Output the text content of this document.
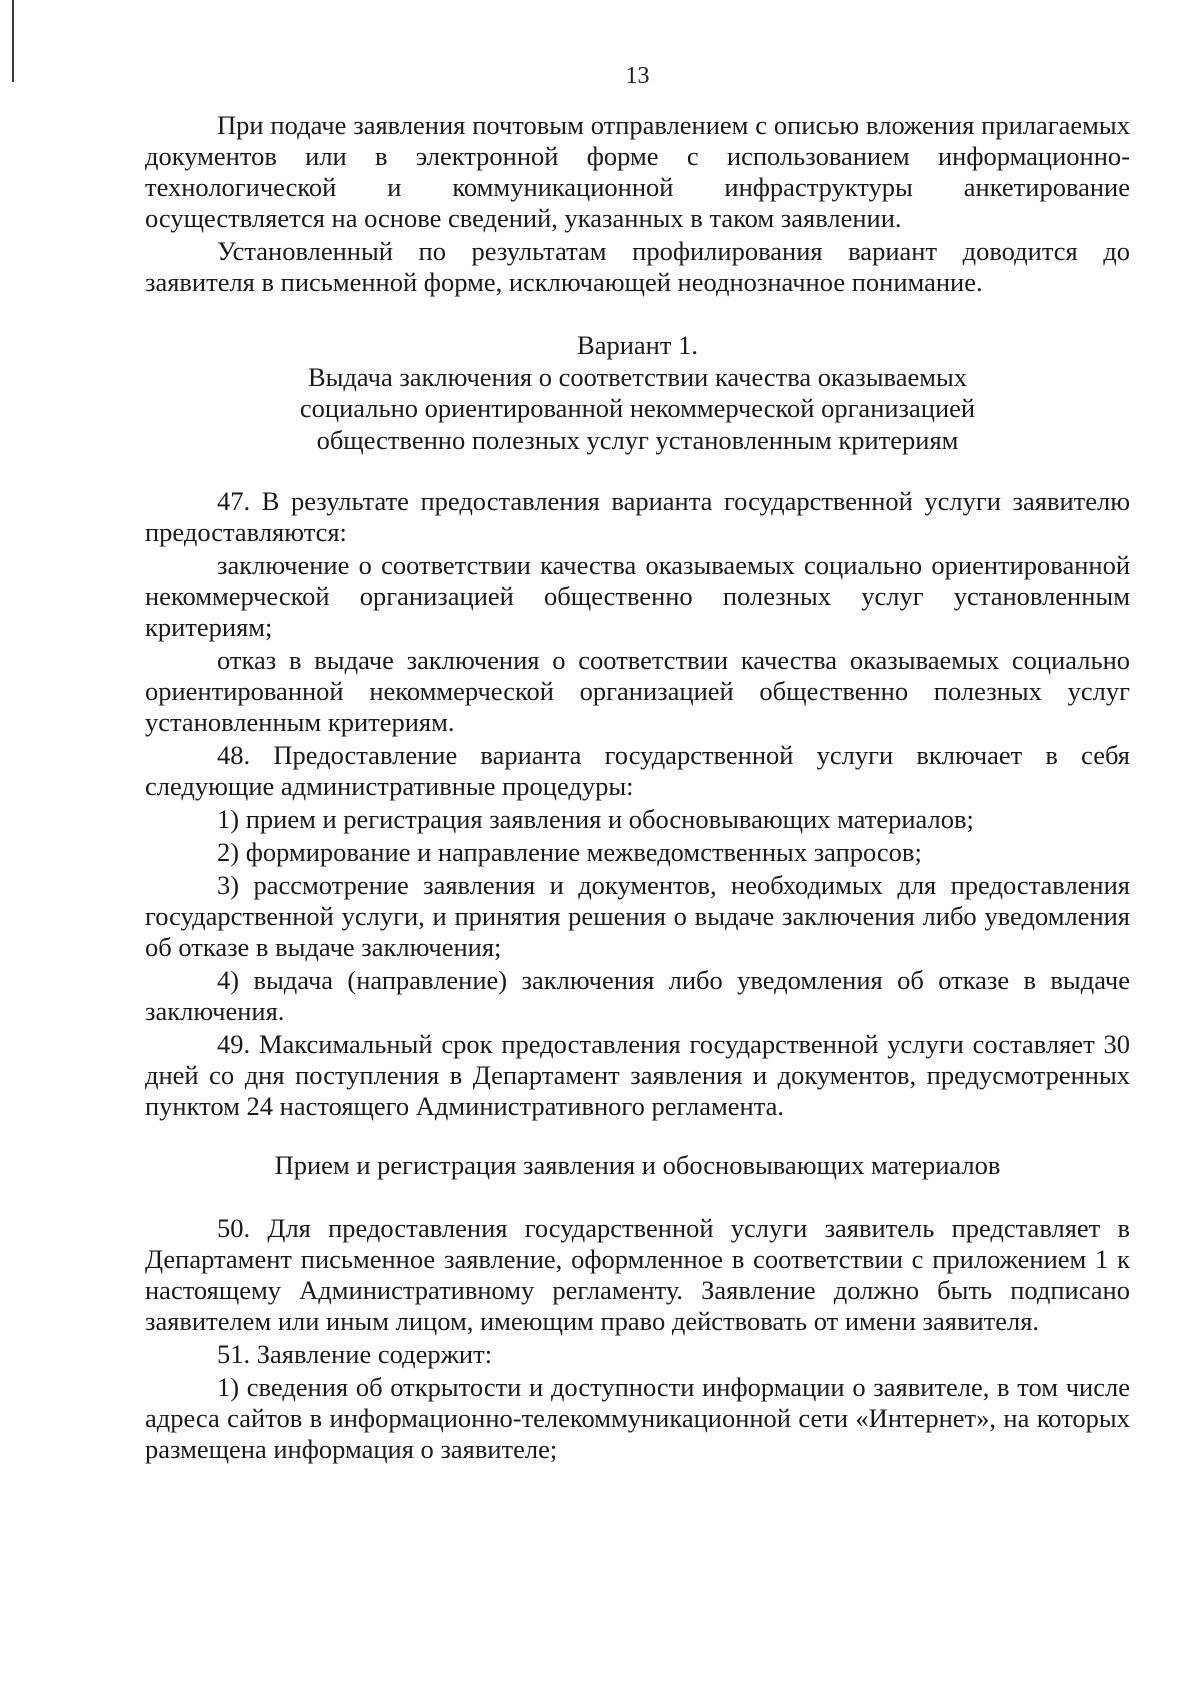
13

При подаче заявления почтовым отправлением с описью вложения прилагаемых документов или в электронной форме с использованием информационно-технологической и коммуникационной инфраструктуры анкетирование осуществляется на основе сведений, указанных в таком заявлении.

Установленный по результатам профилирования вариант доводится до заявителя в письменной форме, исключающей неоднозначное понимание.

Вариант 1.

Выдача заключения о соответствии качества оказываемых

социально ориентированной некоммерческой организацией

общественно полезных услуг установленным критериям

47. В результате предоставления варианта государственной услуги заявителю предоставляются:

заключение о соответствии качества оказываемых социально ориентированной некоммерческой организацией общественно полезных услуг установленным критериям;

отказ в выдаче заключения о соответствии качества оказываемых социально ориентированной некоммерческой организацией общественно полезных услуг установленным критериям.

48. Предоставление варианта государственной услуги включает в себя следующие административные процедуры:

1) прием и регистрация заявления и обосновывающих материалов;

2) формирование и направление межведомственных запросов;

3) рассмотрение заявления и документов, необходимых для предоставления государственной услуги, и принятия решения о выдаче заключения либо уведомления об отказе в выдаче заключения;

4) выдача (направление) заключения либо уведомления об отказе в выдаче заключения.

49. Максимальный срок предоставления государственной услуги составляет 30 дней со дня поступления в Департамент заявления и документов, предусмотренных пунктом 24 настоящего Административного регламента.

Прием и регистрация заявления и обосновывающих материалов

50. Для предоставления государственной услуги заявитель представляет в Департамент письменное заявление, оформленное в соответствии с приложением 1 к настоящему Административному регламенту. Заявление должно быть подписано заявителем или иным лицом, имеющим право действовать от имени заявителя.

51. Заявление содержит:

1) сведения об открытости и доступности информации о заявителе, в том числе адреса сайтов в информационно-телекоммуникационной сети «Интернет», на которых размещена информация о заявителе;
